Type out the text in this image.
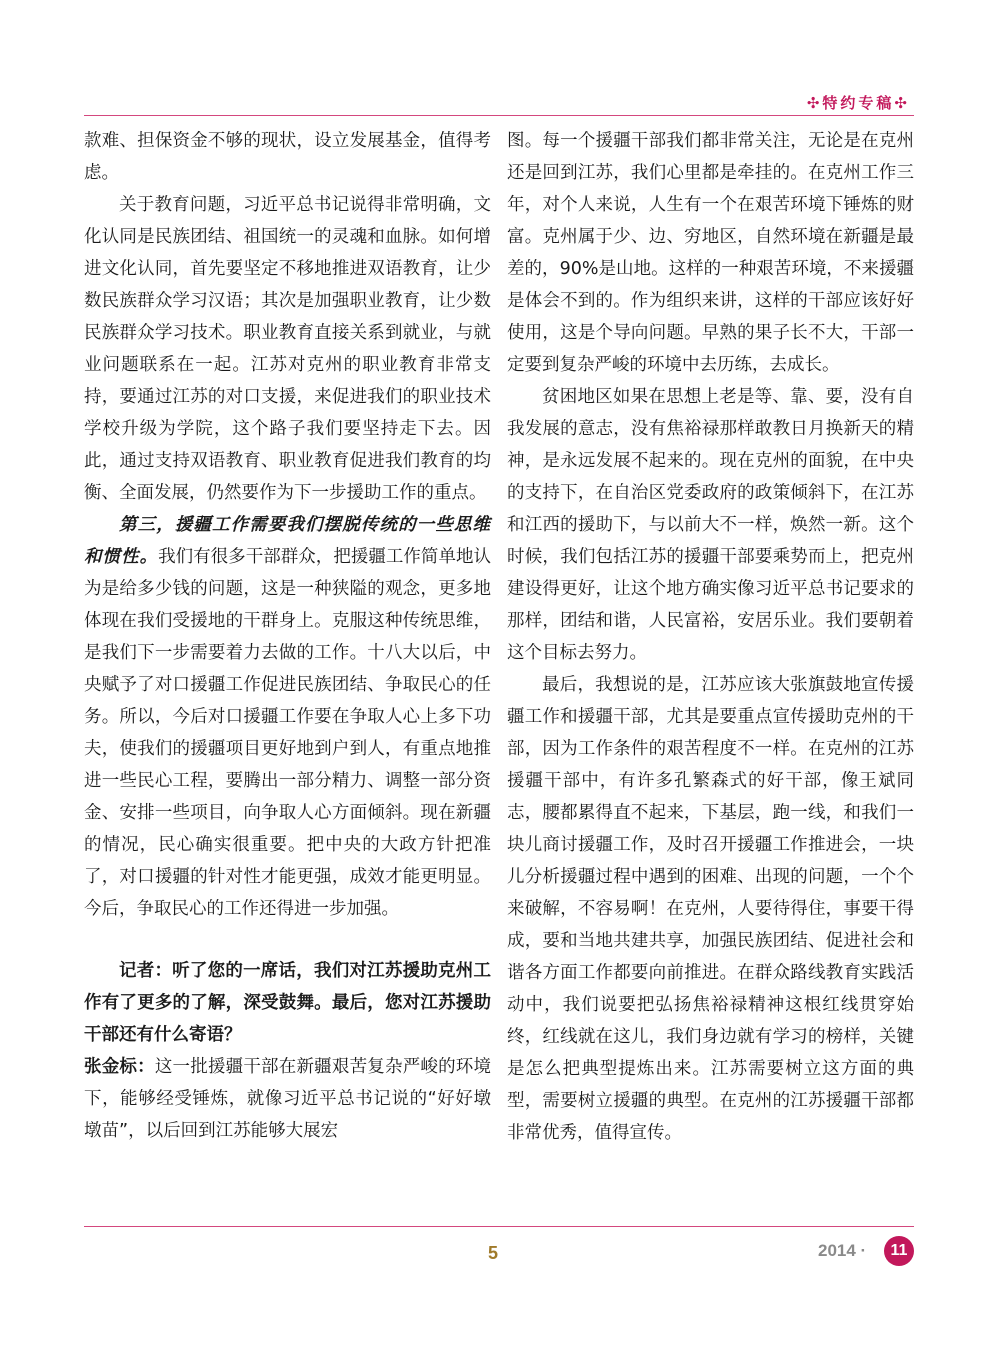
✣特约专稿✣

款难、担保资金不够的现状，设立发展基金，值得考虑。

关于教育问题，习近平总书记说得非常明确，文化认同是民族团结、祖国统一的灵魂和血脉。如何增进文化认同，首先要坚定不移地推进双语教育，让少数民族群众学习汉语；其次是加强职业教育，让少数民族群众学习技术。职业教育直接关系到就业，与就业问题联系在一起。江苏对克州的职业教育非常支持，要通过江苏的对口支援，来促进我们的职业技术学校升级为学院，这个路子我们要坚持走下去。因此，通过支持双语教育、职业教育促进我们教育的均衡、全面发展，仍然要作为下一步援助工作的重点。

第三，援疆工作需要我们摆脱传统的一些思维和惯性。我们有很多干部群众，把援疆工作简单地认为是给多少钱的问题，这是一种狭隘的观念，更多地体现在我们受援地的干群身上。克服这种传统思维，是我们下一步需要着力去做的工作。十八大以后，中央赋予了对口援疆工作促进民族团结、争取民心的任务。所以，今后对口援疆工作要在争取人心上多下功夫，使我们的援疆项目更好地到户到人，有重点地推进一些民心工程，要腾出一部分精力、调整一部分资金、安排一些项目，向争取人心方面倾斜。现在新疆的情况，民心确实很重要。把中央的大政方针把准了，对口援疆的针对性才能更强，成效才能更明显。今后，争取民心的工作还得进一步加强。

记者：听了您的一席话，我们对江苏援助克州工作有了更多的了解，深受鼓舞。最后，您对江苏援助干部还有什么寄语？

张金标：这一批援疆干部在新疆艰苦复杂严峻的环境下，能够经受锤炼，就像习近平总书记说的“好好墩墩苗”，以后回到江苏能够大展宏

图。每一个援疆干部我们都非常关注，无论是在克州还是回到江苏，我们心里都是牵挂的。在克州工作三年，对个人来说，人生有一个在艰苦环境下锤炼的财富。克州属于少、边、穷地区，自然环境在新疆是最差的，90%是山地。这样的一种艰苦环境，不来援疆是体会不到的。作为组织来讲，这样的干部应该好好使用，这是个导向问题。早熟的果子长不大，干部一定要到复杂严峻的环境中去历练，去成长。

贫困地区如果在思想上老是等、靠、要，没有自我发展的意志，没有焦裕禄那样敢教日月换新天的精神，是永远发展不起来的。现在克州的面貌，在中央的支持下，在自治区党委政府的政策倾斜下，在江苏和江西的援助下，与以前大不一样，焕然一新。这个时候，我们包括江苏的援疆干部要乘势而上，把克州建设得更好，让这个地方确实像习近平总书记要求的那样，团结和谐，人民富裕，安居乐业。我们要朝着这个目标去努力。

最后，我想说的是，江苏应该大张旗鼓地宣传援疆工作和援疆干部，尤其是要重点宣传援助克州的干部，因为工作条件的艰苦程度不一样。在克州的江苏援疆干部中，有许多孔繁森式的好干部，像王斌同志，腰都累得直不起来，下基层，跑一线，和我们一块儿商讨援疆工作，及时召开援疆工作推进会，一块儿分析援疆过程中遇到的困难、出现的问题，一个个来破解，不容易啊！在克州，人要待得住，事要干得成，要和当地共建共享，加强民族团结、促进社会和谐各方面工作都要向前推进。在群众路线教育实践活动中，我们说要把弘扬焦裕禄精神这根红线贯穿始终，红线就在这儿，我们身边就有学习的榜样，关键是怎么把典型提炼出来。江苏需要树立这方面的典型，需要树立援疆的典型。在克州的江苏援疆干部都非常优秀，值得宣传。

5	2014 ·	11
